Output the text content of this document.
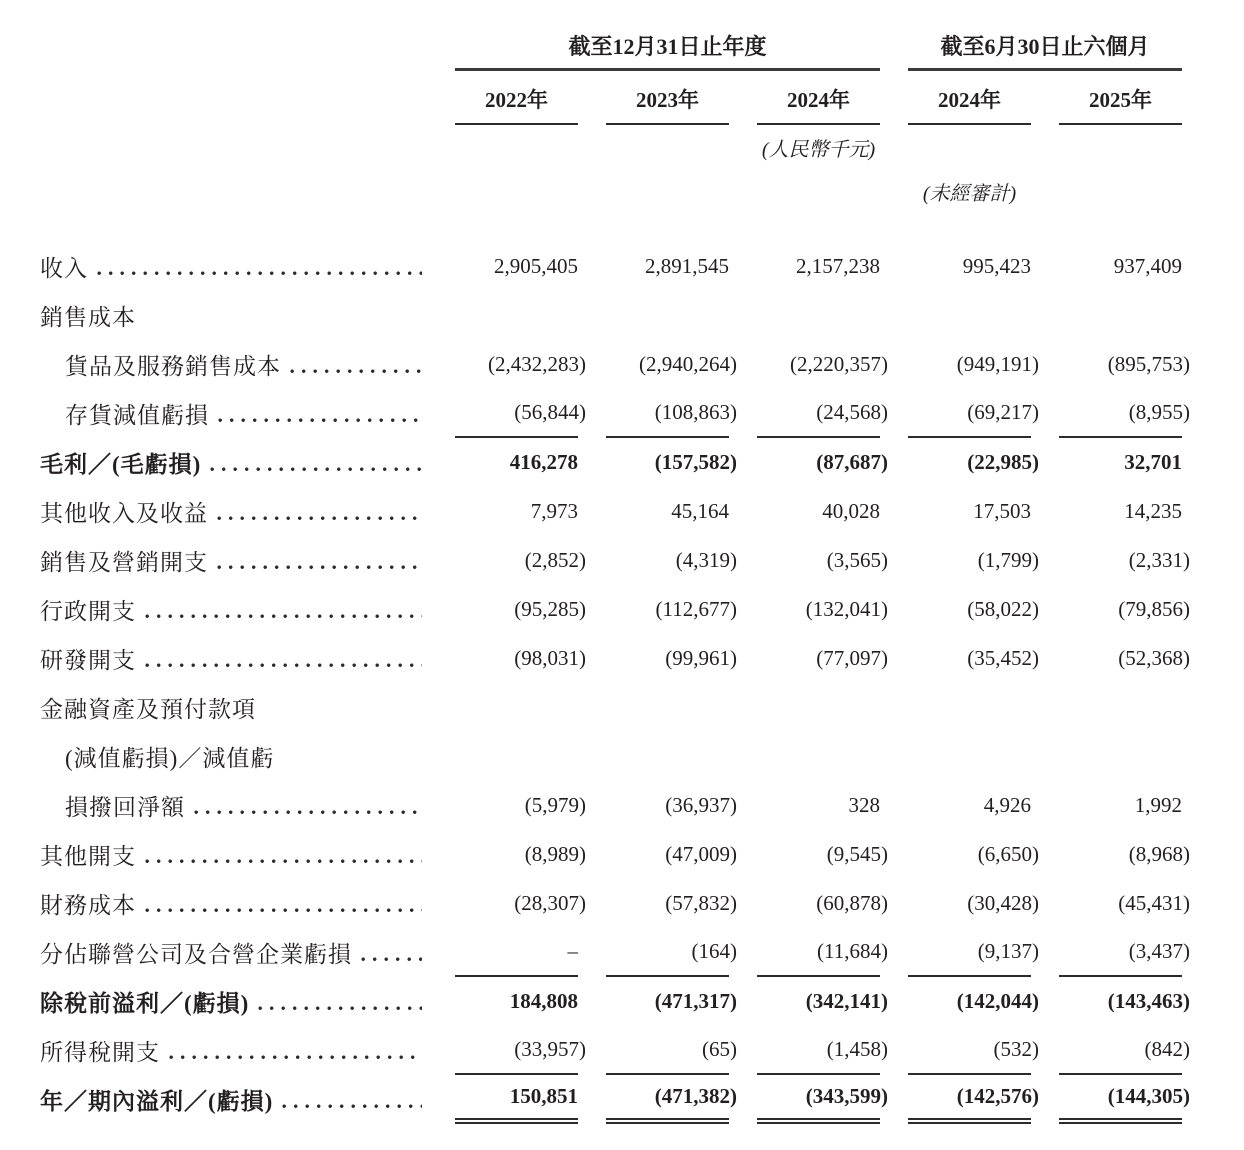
截至12月31日止年度	截至6月30日止六個月
2022年	2023年	2024年	2024年	2025年
(人民幣千元)
(未經審計)
收入	2,905,405	2,891,545	2,157,238	995,423	937,409
銷售成本
貨品及服務銷售成本	(2,432,283)	(2,940,264)	(2,220,357)	(949,191)	(895,753)
存貨減值虧損	(56,844)	(108,863)	(24,568)	(69,217)	(8,955)
毛利／(毛虧損)	416,278	(157,582)	(87,687)	(22,985)	32,701
其他收入及收益	7,973	45,164	40,028	17,503	14,235
銷售及營銷開支	(2,852)	(4,319)	(3,565)	(1,799)	(2,331)
行政開支	(95,285)	(112,677)	(132,041)	(58,022)	(79,856)
研發開支	(98,031)	(99,961)	(77,097)	(35,452)	(52,368)
金融資產及預付款項
(減值虧損)／減值虧
損撥回淨額	(5,979)	(36,937)	328	4,926	1,992
其他開支	(8,989)	(47,009)	(9,545)	(6,650)	(8,968)
財務成本	(28,307)	(57,832)	(60,878)	(30,428)	(45,431)
分佔聯營公司及合營企業虧損	–	(164)	(11,684)	(9,137)	(3,437)
除稅前溢利／(虧損)	184,808	(471,317)	(342,141)	(142,044)	(143,463)
所得稅開支	(33,957)	(65)	(1,458)	(532)	(842)
年／期內溢利／(虧損)	150,851	(471,382)	(343,599)	(142,576)	(144,305)
